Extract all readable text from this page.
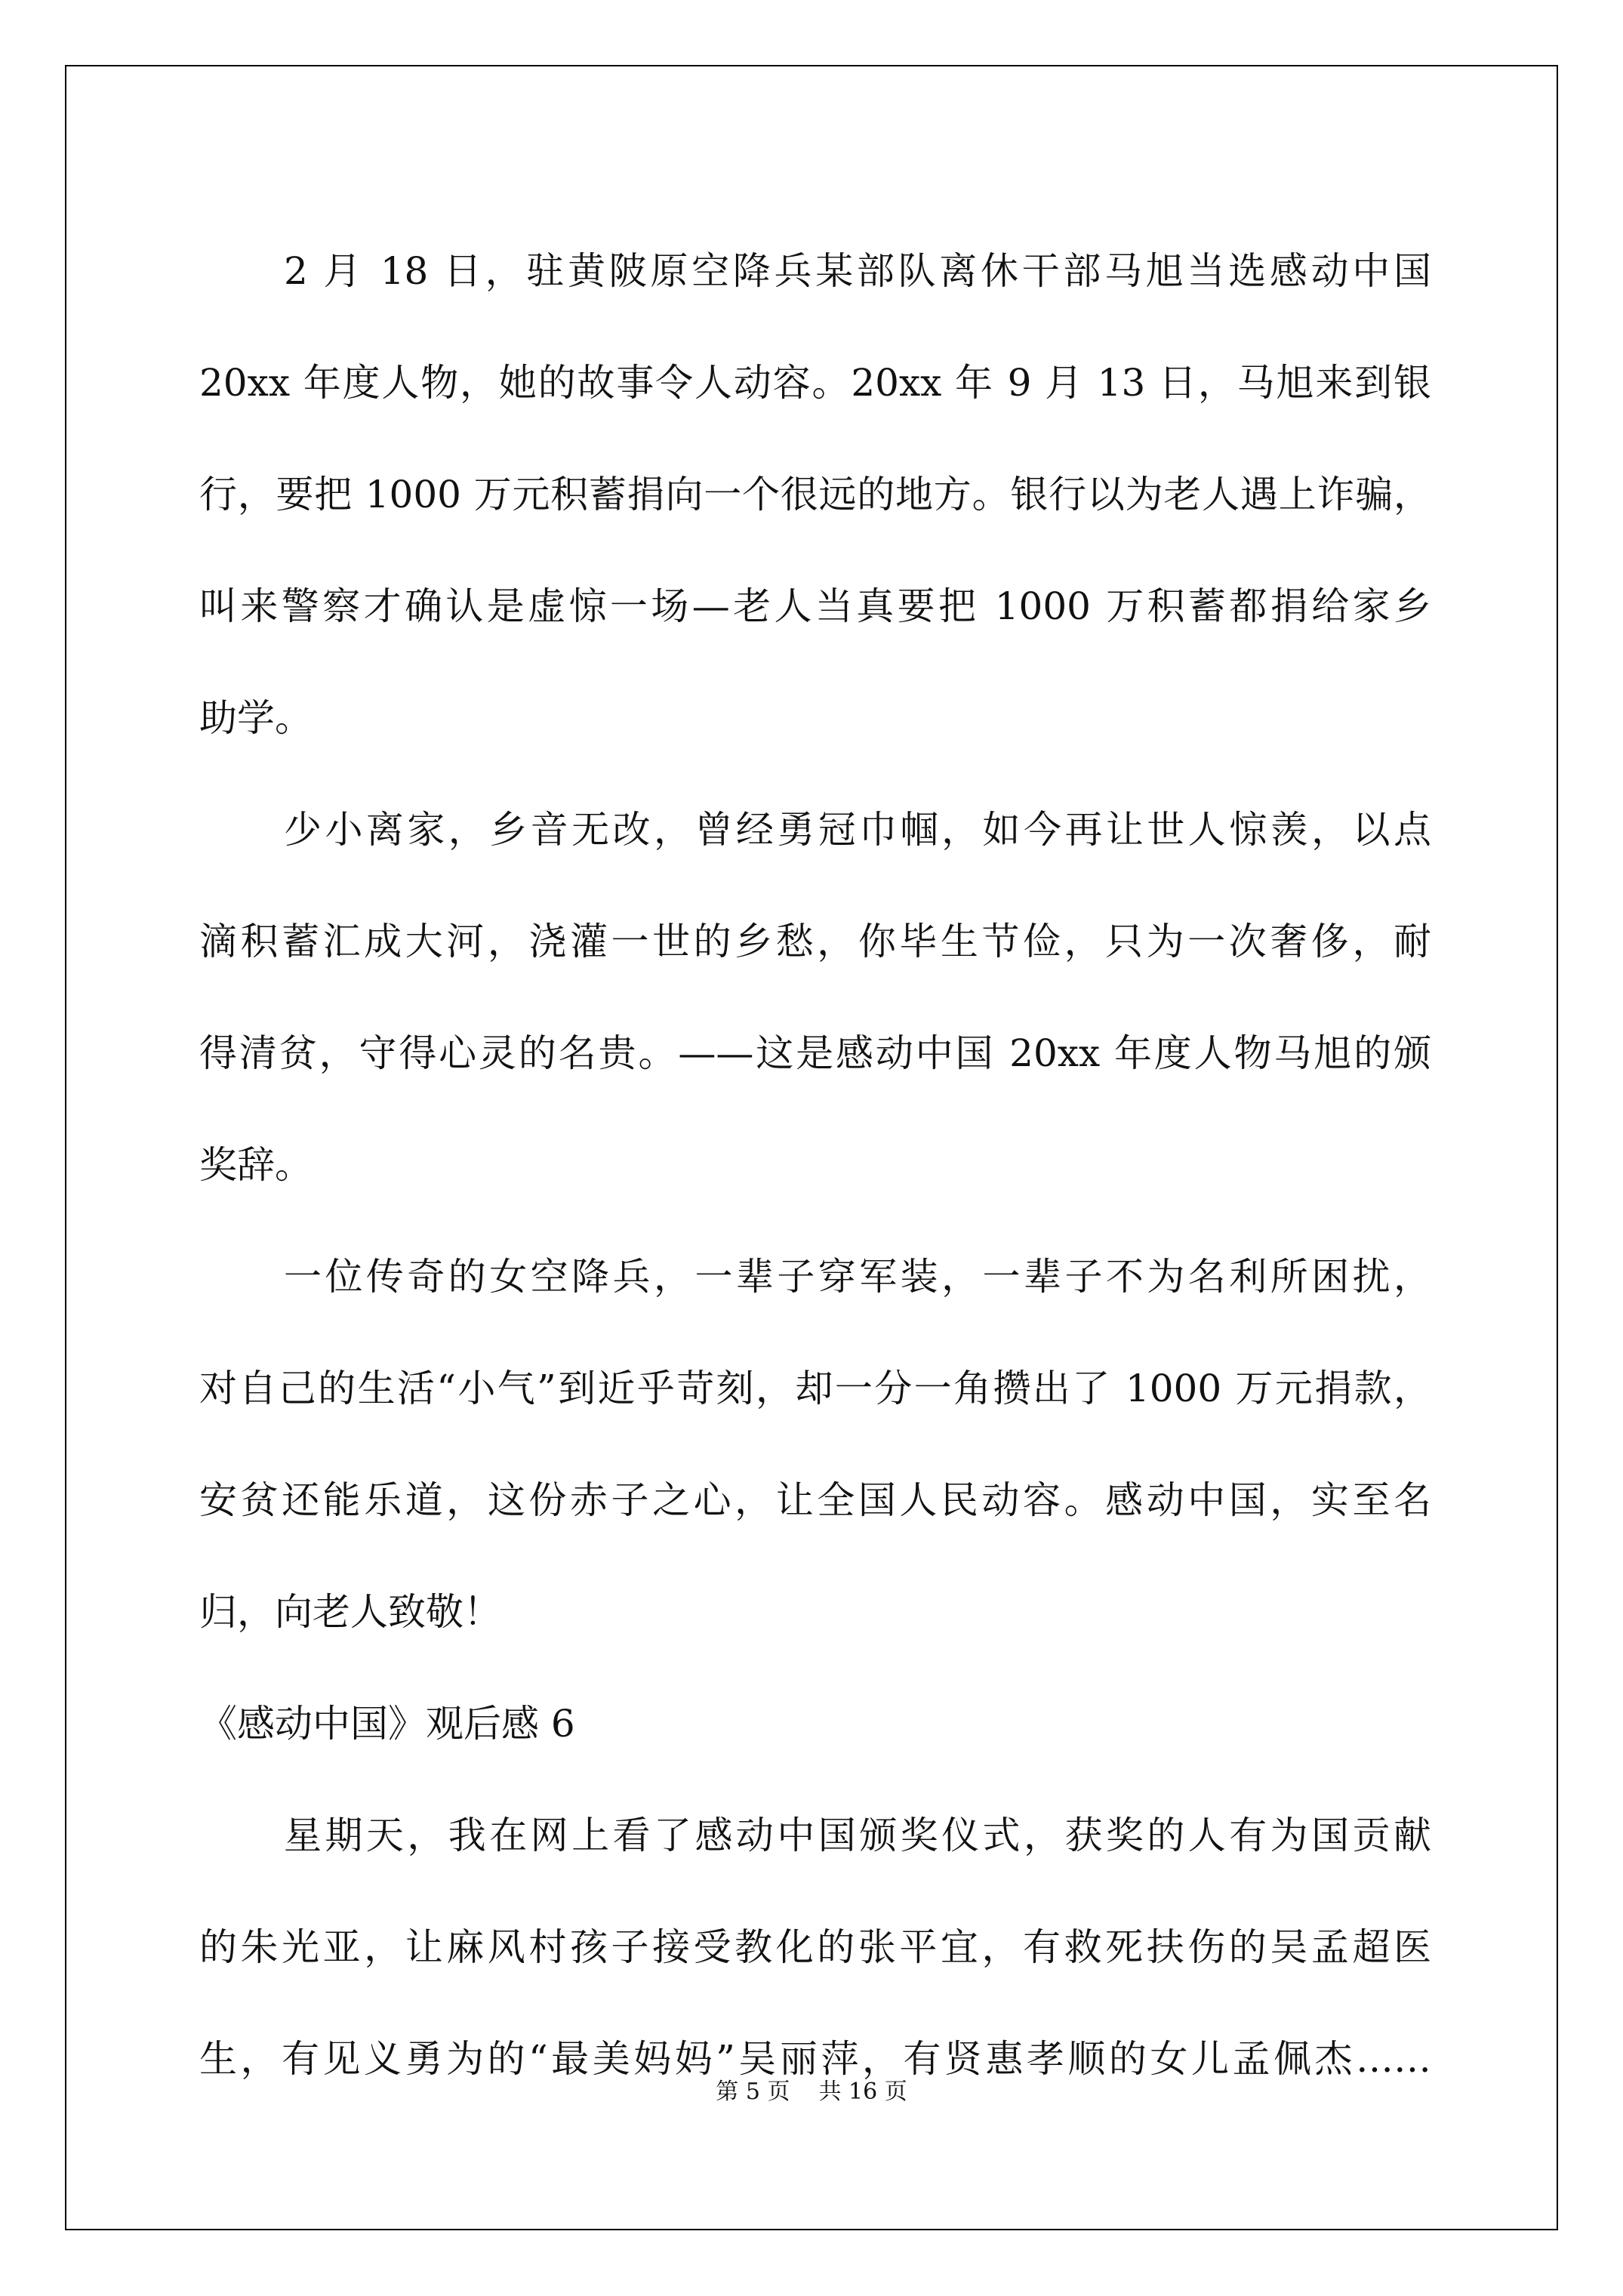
2 月 18 日，驻黄陂原空降兵某部队离休干部马旭当选感动中国
20xx 年度人物，她的故事令人动容。20xx 年 9 月 13 日，马旭来到银
行，要把 1000 万元积蓄捐向一个很远的地方。银行以为老人遇上诈骗，
叫来警察才确认是虚惊一场—老人当真要把 1000 万积蓄都捐给家乡
助学。
少小离家，乡音无改，曾经勇冠巾帼，如今再让世人惊羡，以点
滴积蓄汇成大河，浇灌一世的乡愁，你毕生节俭，只为一次奢侈，耐
得清贫，守得心灵的名贵。——这是感动中国 20xx 年度人物马旭的颁
奖辞。
一位传奇的女空降兵，一辈子穿军装，一辈子不为名利所困扰，
对自己的生活“小气”到近乎苛刻，却一分一角攒出了 1000 万元捐款，
安贫还能乐道，这份赤子之心，让全国人民动容。感动中国，实至名
归，向老人致敬！
《感动中国》观后感 6
星期天，我在网上看了感动中国颁奖仪式，获奖的人有为国贡献
的朱光亚，让麻风村孩子接受教化的张平宜，有救死扶伤的吴孟超医
生，有见义勇为的“最美妈妈”吴丽萍，有贤惠孝顺的女儿孟佩杰……
第 5 页 共 16 页
